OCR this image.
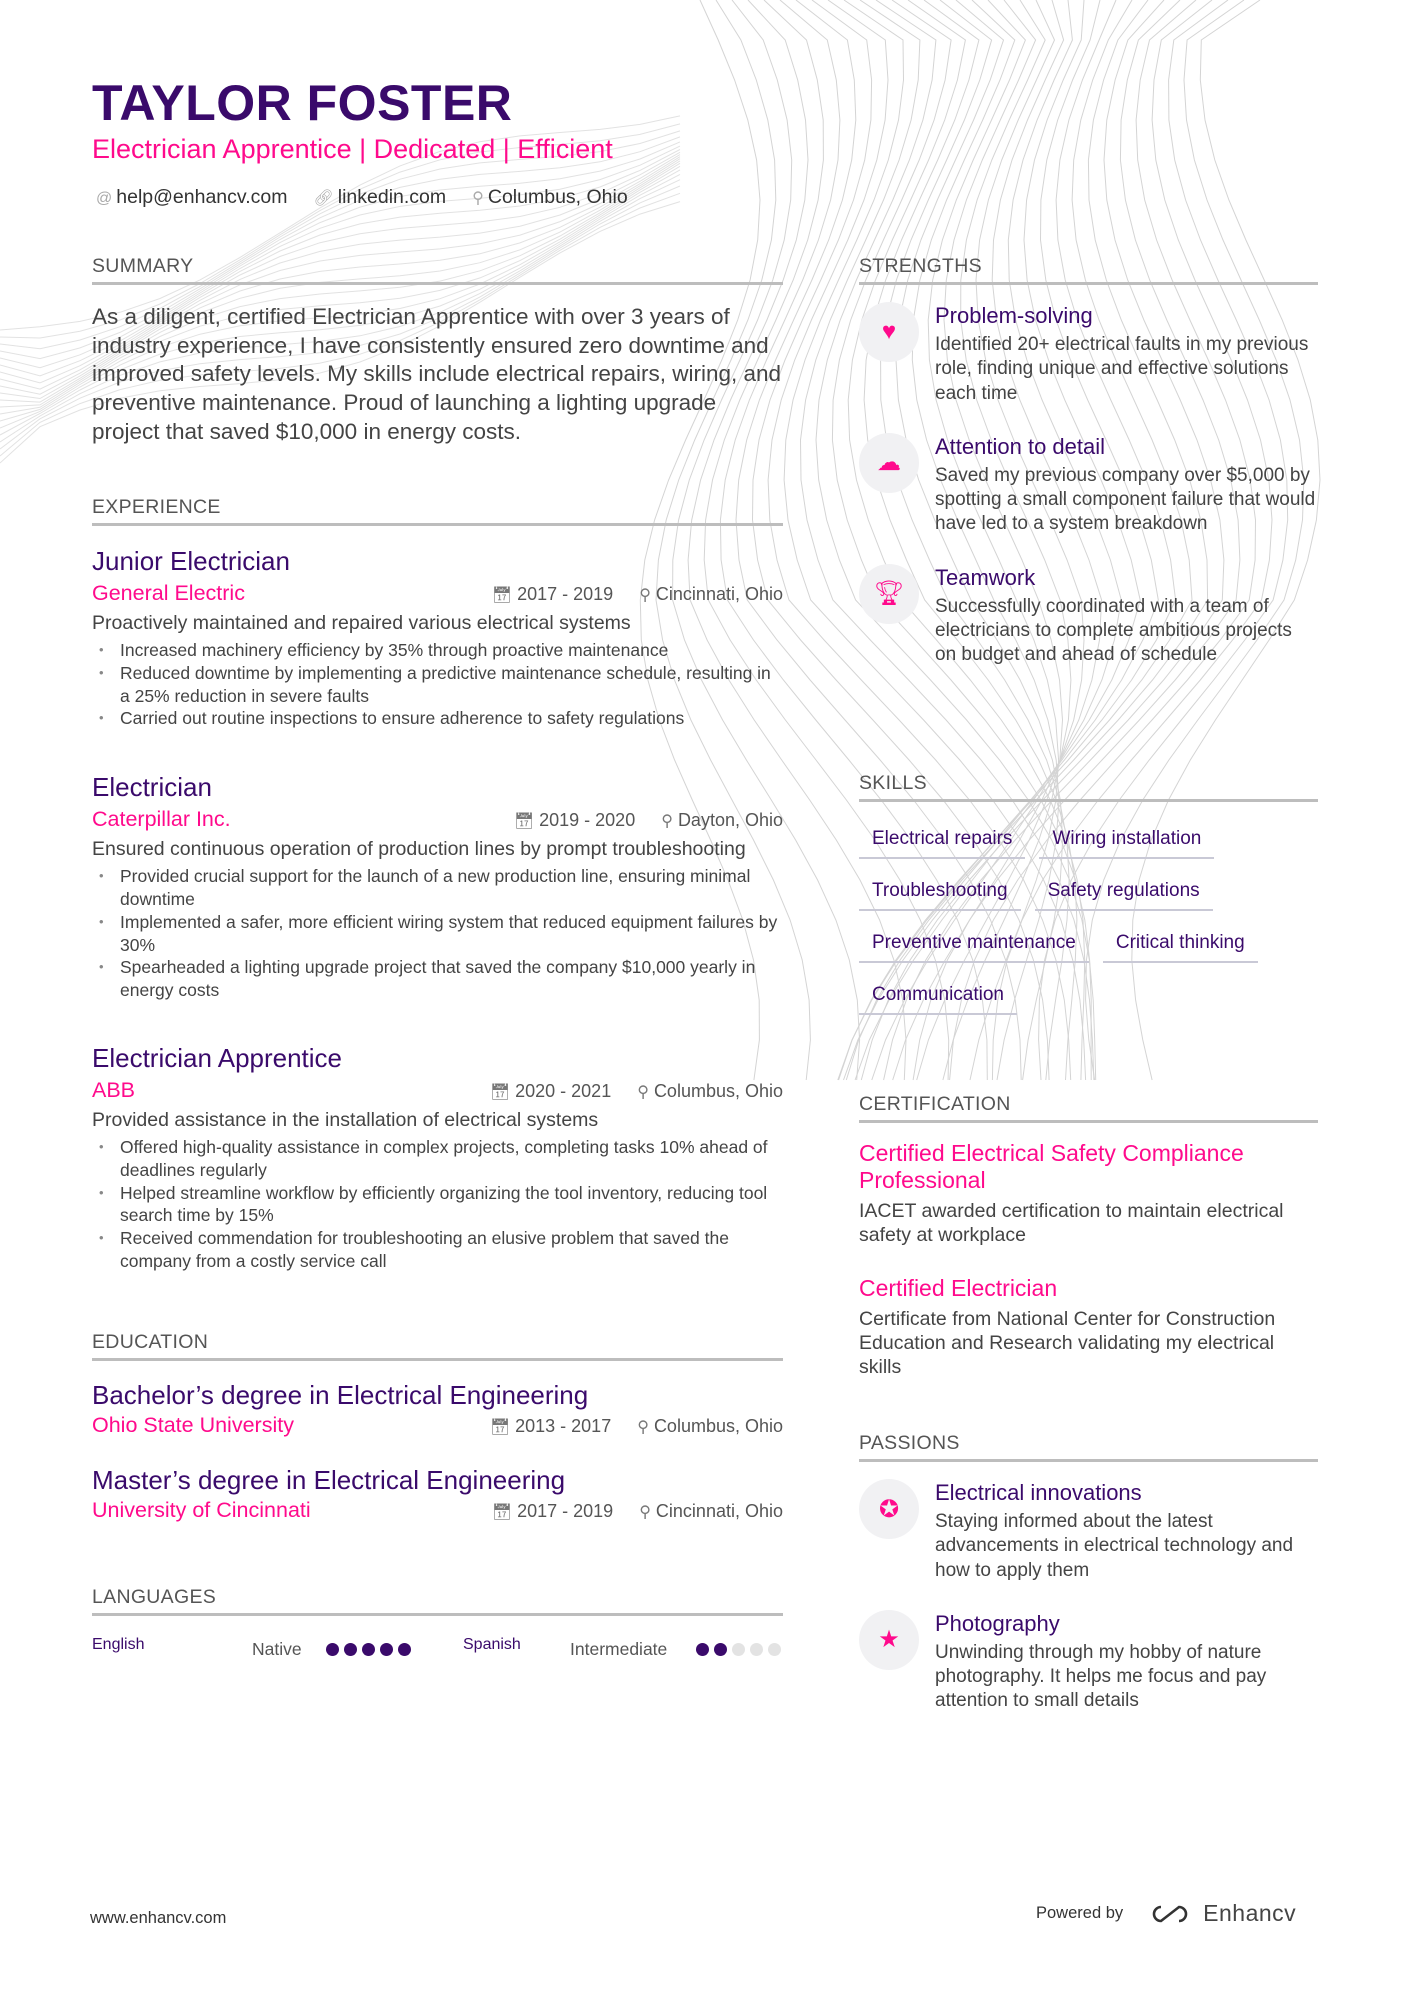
TAYLOR FOSTER
Electrician Apprentice | Dedicated | Efficient
@ help@enhancv.com 🔗︎ linkedin.com ⚲ Columbus, Ohio
SUMMARY
As a diligent, certified Electrician Apprentice with over 3 years of industry experience, I have consistently ensured zero downtime and improved safety levels. My skills include electrical repairs, wiring, and preventive maintenance. Proud of launching a lighting upgrade project that saved $10,000 in energy costs.
EXPERIENCE
Junior Electrician
General Electric	📅︎ 2017 - 2019 ⚲ Cincinnati, Ohio
Proactively maintained and repaired various electrical systems
• Increased machinery efficiency by 35% through proactive maintenance
• Reduced downtime by implementing a predictive maintenance schedule, resulting in a 25% reduction in severe faults
• Carried out routine inspections to ensure adherence to safety regulations
Electrician
Caterpillar Inc.	📅︎ 2019 - 2020 ⚲ Dayton, Ohio
Ensured continuous operation of production lines by prompt troubleshooting
• Provided crucial support for the launch of a new production line, ensuring minimal downtime
• Implemented a safer, more efficient wiring system that reduced equipment failures by 30%
• Spearheaded a lighting upgrade project that saved the company $10,000 yearly in energy costs
Electrician Apprentice
ABB	📅︎ 2020 - 2021 ⚲ Columbus, Ohio
Provided assistance in the installation of electrical systems
• Offered high-quality assistance in complex projects, completing tasks 10% ahead of deadlines regularly
• Helped streamline workflow by efficiently organizing the tool inventory, reducing tool search time by 15%
• Received commendation for troubleshooting an elusive problem that saved the company from a costly service call
EDUCATION
Bachelor’s degree in Electrical Engineering
Ohio State University	📅︎ 2013 - 2017 ⚲ Columbus, Ohio
Master’s degree in Electrical Engineering
University of Cincinnati	📅︎ 2017 - 2019 ⚲ Cincinnati, Ohio
LANGUAGES
English	Native	Spanish	Intermediate
STRENGTHS
♥
Problem-solving
Identified 20+ electrical faults in my previous role, finding unique and effective solutions each time
☁
Attention to detail
Saved my previous company over $5,000 by spotting a small component failure that would have led to a system breakdown
🏆︎
Teamwork
Successfully coordinated with a team of electricians to complete ambitious projects on budget and ahead of schedule
SKILLS
Electrical repairs	Wiring installation
Troubleshooting	Safety regulations
Preventive maintenance	Critical thinking
Communication
CERTIFICATION
Certified Electrical Safety Compliance Professional
IACET awarded certification to maintain electrical safety at workplace
Certified Electrician
Certificate from National Center for Construction Education and Research validating my electrical skills
PASSIONS
✪
Electrical innovations
Staying informed about the latest advancements in electrical technology and how to apply them
★
Photography
Unwinding through my hobby of nature photography. It helps me focus and pay attention to small details
www.enhancv.com	Powered by	Enhancv
